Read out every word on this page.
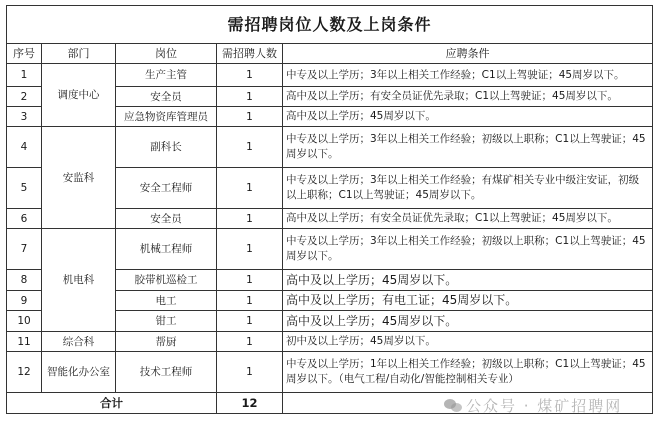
需招聘岗位人数及上岗条件				
序号	部门	岗位	需招聘人数	应聘条件
1	调度中心	生产主管	1	中专及以上学历；3年以上相关工作经验；C1以上驾驶证；45周岁以下。
2		安全员	1	高中及以上学历；有安全员证优先录取；C1以上驾驶证；45周岁以下。
3		应急物资库管理员	1	高中及以上学历；45周岁以下。
4	安监科	副科长	1	中专及以上学历；3年以上相关工作经验；初级以上职称；C1以上驾驶证；45周岁以下。
5		安全工程师	1	中专及以上学历；3年以上相关工作经验；有煤矿相关专业中级注安证，初级以上职称；C1以上驾驶证；45周岁以下。
6		安全员	1	高中及以上学历；有安全员证优先录取；C1以上驾驶证；45周岁以下。
7	机电科	机械工程师	1	中专及以上学历；3年以上相关工作经验；初级以上职称；C1以上驾驶证；45周岁以下。
8		胶带机巡检工	1	高中及以上学历；45周岁以下。
9		电工	1	高中及以上学历；有电工证；45周岁以下。
10		钳工	1	高中及以上学历；45周岁以下。
11	综合科	帮厨	1	初中及以上学历；45周岁以下。
12	智能化办公室	技术工程师	1	中专及以上学历；1年以上相关工作经验；初级以上职称；C1以上驾驶证；45周岁以下。（电气工程/自动化/智能控制相关专业）
合计			12		公众号 · 煤矿招聘网
